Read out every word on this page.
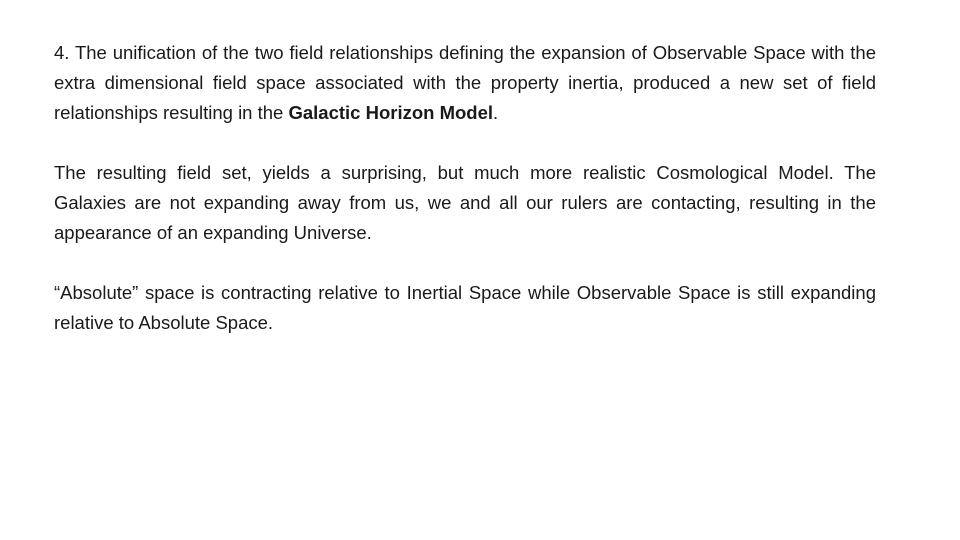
4. The unification of the two field relationships defining the expansion of Observable Space with the extra dimensional field space associated with the property inertia, produced a new set of field relationships resulting in the Galactic Horizon Model.

The resulting field set, yields a surprising, but much more realistic Cosmological Model. The Galaxies are not expanding away from us, we and all our rulers are contacting, resulting in the appearance of an expanding Universe.

“Absolute” space is contracting relative to Inertial Space while Observable Space is still expanding relative to Absolute Space.
